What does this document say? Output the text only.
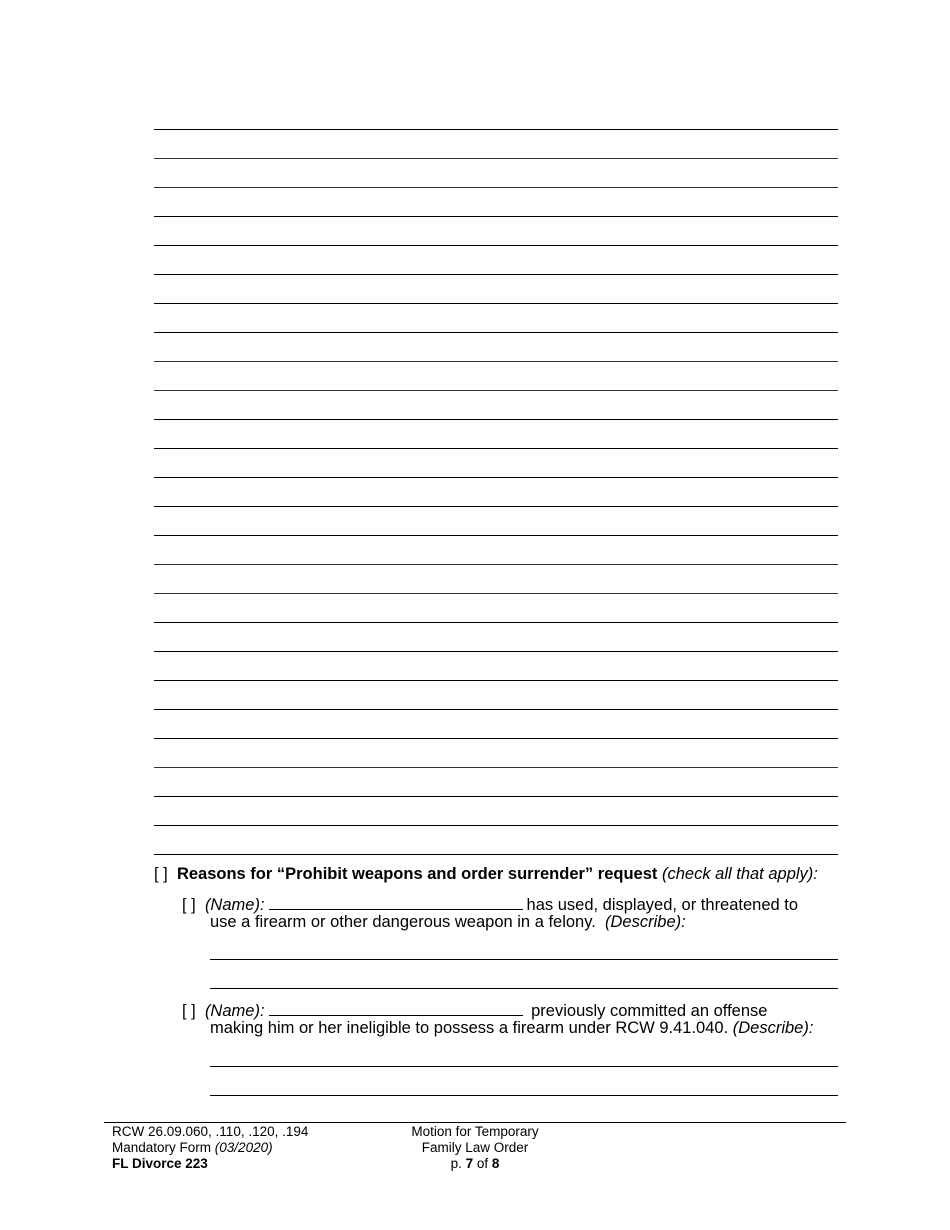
[ ] Reasons for “Prohibit weapons and order surrender” request (check all that apply):
[ ] (Name):	has used, displayed, or threatened to
use a firearm or other dangerous weapon in a felony. (Describe):
[ ] (Name):	previously committed an offense
making him or her ineligible to possess a firearm under RCW 9.41.040. (Describe):
RCW 26.09.060, .110, .120, .194
Mandatory Form (03/2020)
FL Divorce 223
Motion for Temporary
Family Law Order
p. 7 of 8
